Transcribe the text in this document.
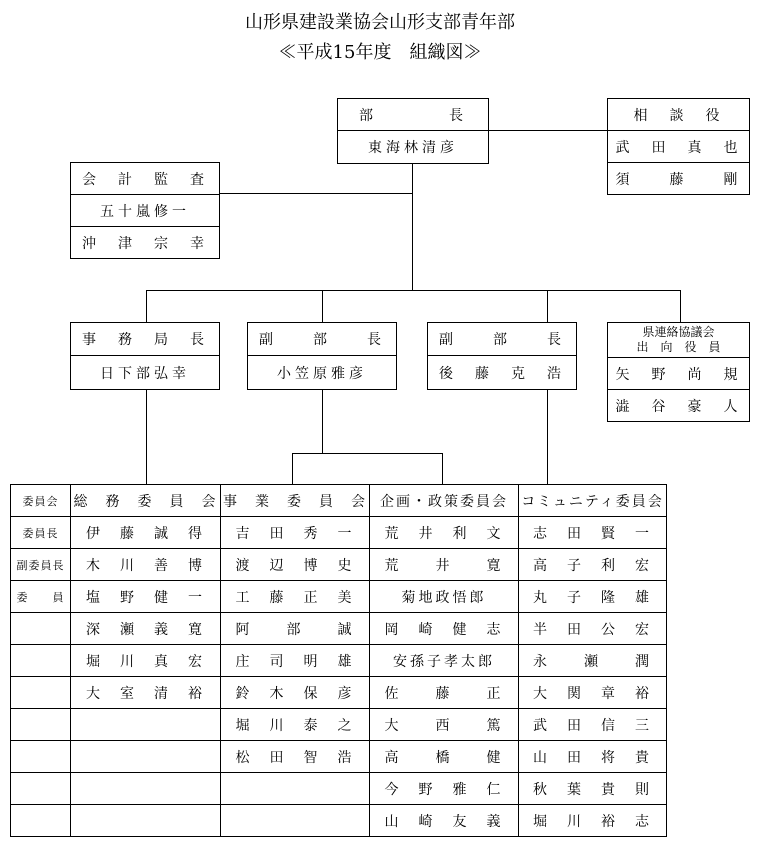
山形県建設業協会山形支部青年部
≪平成15年度　組織図≫
部　　　　長
東海林清彦
相　談　役
武　田　真　也
須　　藤　　剛
会　計　監　査
五十嵐修一
沖　津　宗　幸
事　務　局　長
日下部弘幸
副　　部　　長
小笠原雅彦
副　　部　　長
後　藤　克　浩
県連絡協議会
出　向　役　員
矢　野　尚　規
澁　谷　豪　人
委員会	総　務　委　員　会	事　業　委　員　会	企画・政策委員会	コミュニティ委員会
委員長	伊　藤　誠　得	吉　田　秀　一	荒　井　利　文	志　田　賢　一
副委員長	木　川　善　博	渡　辺　博　史	荒　　井　　寛	高　子　利　宏
委　　員	塩　野　健　一	工　藤　正　美	菊地政悟郎	丸　子　隆　雄
	深　瀬　義　寛	阿　　部　　誠	岡　崎　健　志	半　田　公　宏
	堀　川　真　宏	庄　司　明　雄	安孫子孝太郎	永　　瀬　　潤
	大　室　清　裕	鈴　木　保　彦	佐　　藤　　正	大　関　章　裕
		堀　川　泰　之	大　　西　　篤	武　田　信　三
		松　田　智　浩	高　　橋　　健	山　田　将　貴
			今　野　雅　仁	秋　葉　貴　則
			山　崎　友　義	堀　川　裕　志
